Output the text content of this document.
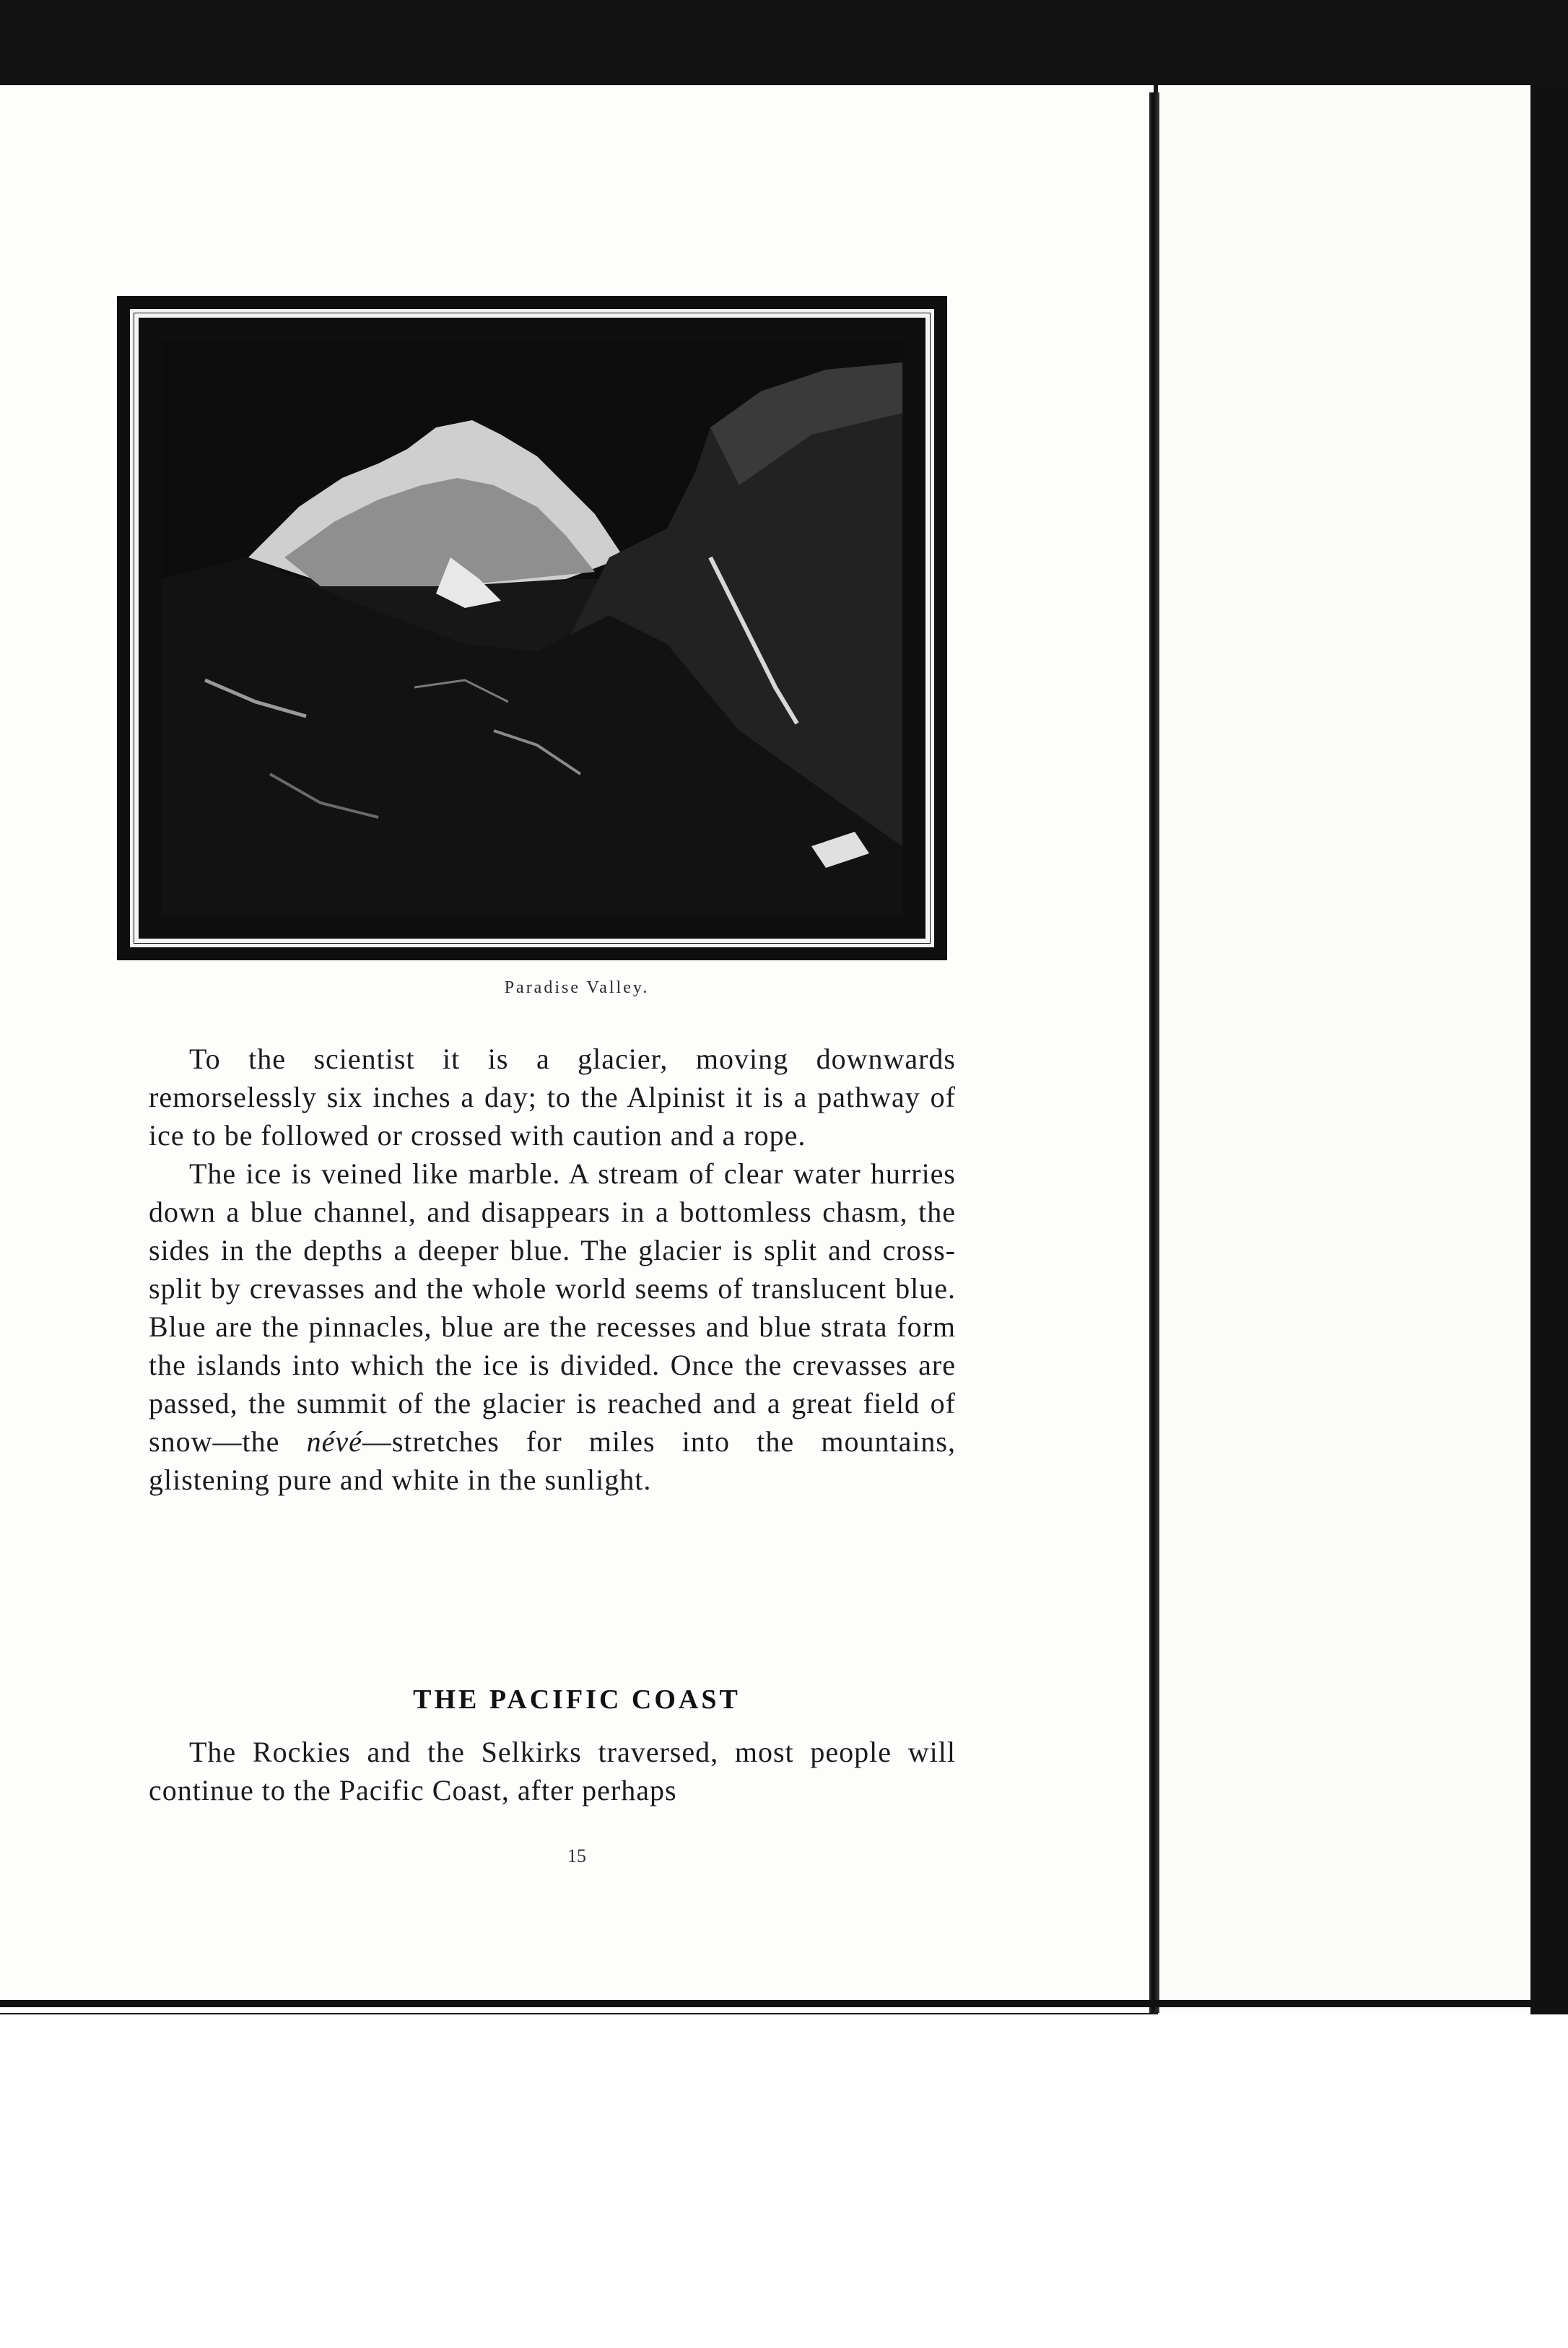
Paradise Valley.

To the scientist it is a glacier, moving downwards remorselessly six inches a day; to the Alpinist it is a pathway of ice to be followed or crossed with caution and a rope.

The ice is veined like marble. A stream of clear water hurries down a blue channel, and disappears in a bottomless chasm, the sides in the depths a deeper blue. The glacier is split and cross-split by crevasses and the whole world seems of translucent blue. Blue are the pinnacles, blue are the recesses and blue strata form the islands into which the ice is divided. Once the crevasses are passed, the summit of the glacier is reached and a great field of snow—the névé—stretches for miles into the mountains, glistening pure and white in the sunlight.

THE PACIFIC COAST

The Rockies and the Selkirks traversed, most people will continue to the Pacific Coast, after perhaps

15
